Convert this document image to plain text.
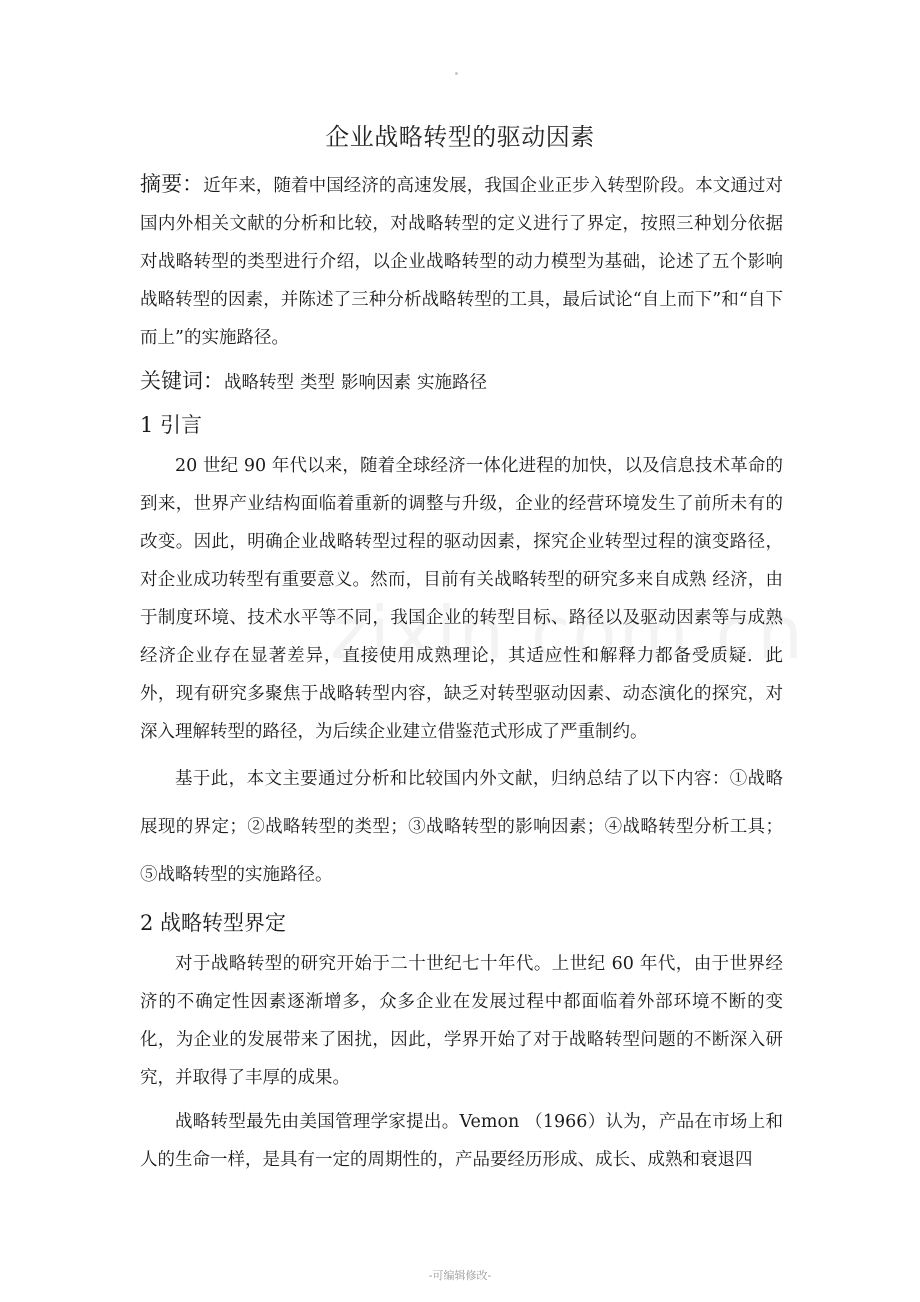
企业战略转型的驱动因素

摘要：近年来，随着中国经济的高速发展，我国企业正步入转型阶段。本文通过对国内外相关文献的分析和比较，对战略转型的定义进行了界定，按照三种划分依据对战略转型的类型进行介绍，以企业战略转型的动力模型为基础，论述了五个影响战略转型的因素，并陈述了三种分析战略转型的工具，最后试论“自上而下”和“自下而上”的实施路径。

关键词：战略转型 类型 影响因素 实施路径

1 引言

20 世纪 90 年代以来，随着全球经济一体化进程的加快，以及信息技术革命的到来，世界产业结构面临着重新的调整与升级，企业的经营环境发生了前所未有的改变。因此，明确企业战略转型过程的驱动因素，探究企业转型过程的演变路径，对企业成功转型有重要意义。然而，目前有关战略转型的研究多来自成熟 经济，由于制度环境、技术水平等不同，我国企业的转型目标、路径以及驱动因素等与成熟经济企业存在显著差异，直接使用成熟理论，其适应性和解释力都备受质疑．此外，现有研究多聚焦于战略转型内容，缺乏对转型驱动因素、动态演化的探究，对深入理解转型的路径，为后续企业建立借鉴范式形成了严重制约。

基于此，本文主要通过分析和比较国内外文献，归纳总结了以下内容：①战略展现的界定；②战略转型的类型；③战略转型的影响因素；④战略转型分析工具；⑤战略转型的实施路径。

2 战略转型界定

对于战略转型的研究开始于二十世纪七十年代。上世纪 60 年代，由于世界经济的不确定性因素逐渐增多，众多企业在发展过程中都面临着外部环境不断的变化，为企业的发展带来了困扰，因此，学界开始了对于战略转型问题的不断深入研究，并取得了丰厚的成果。

战略转型最先由美国管理学家提出。Vemon （1966）认为，产品在市场上和人的生命一样，是具有一定的周期性的，产品要经历形成、成长、成熟和衰退四

-可编辑修改-
